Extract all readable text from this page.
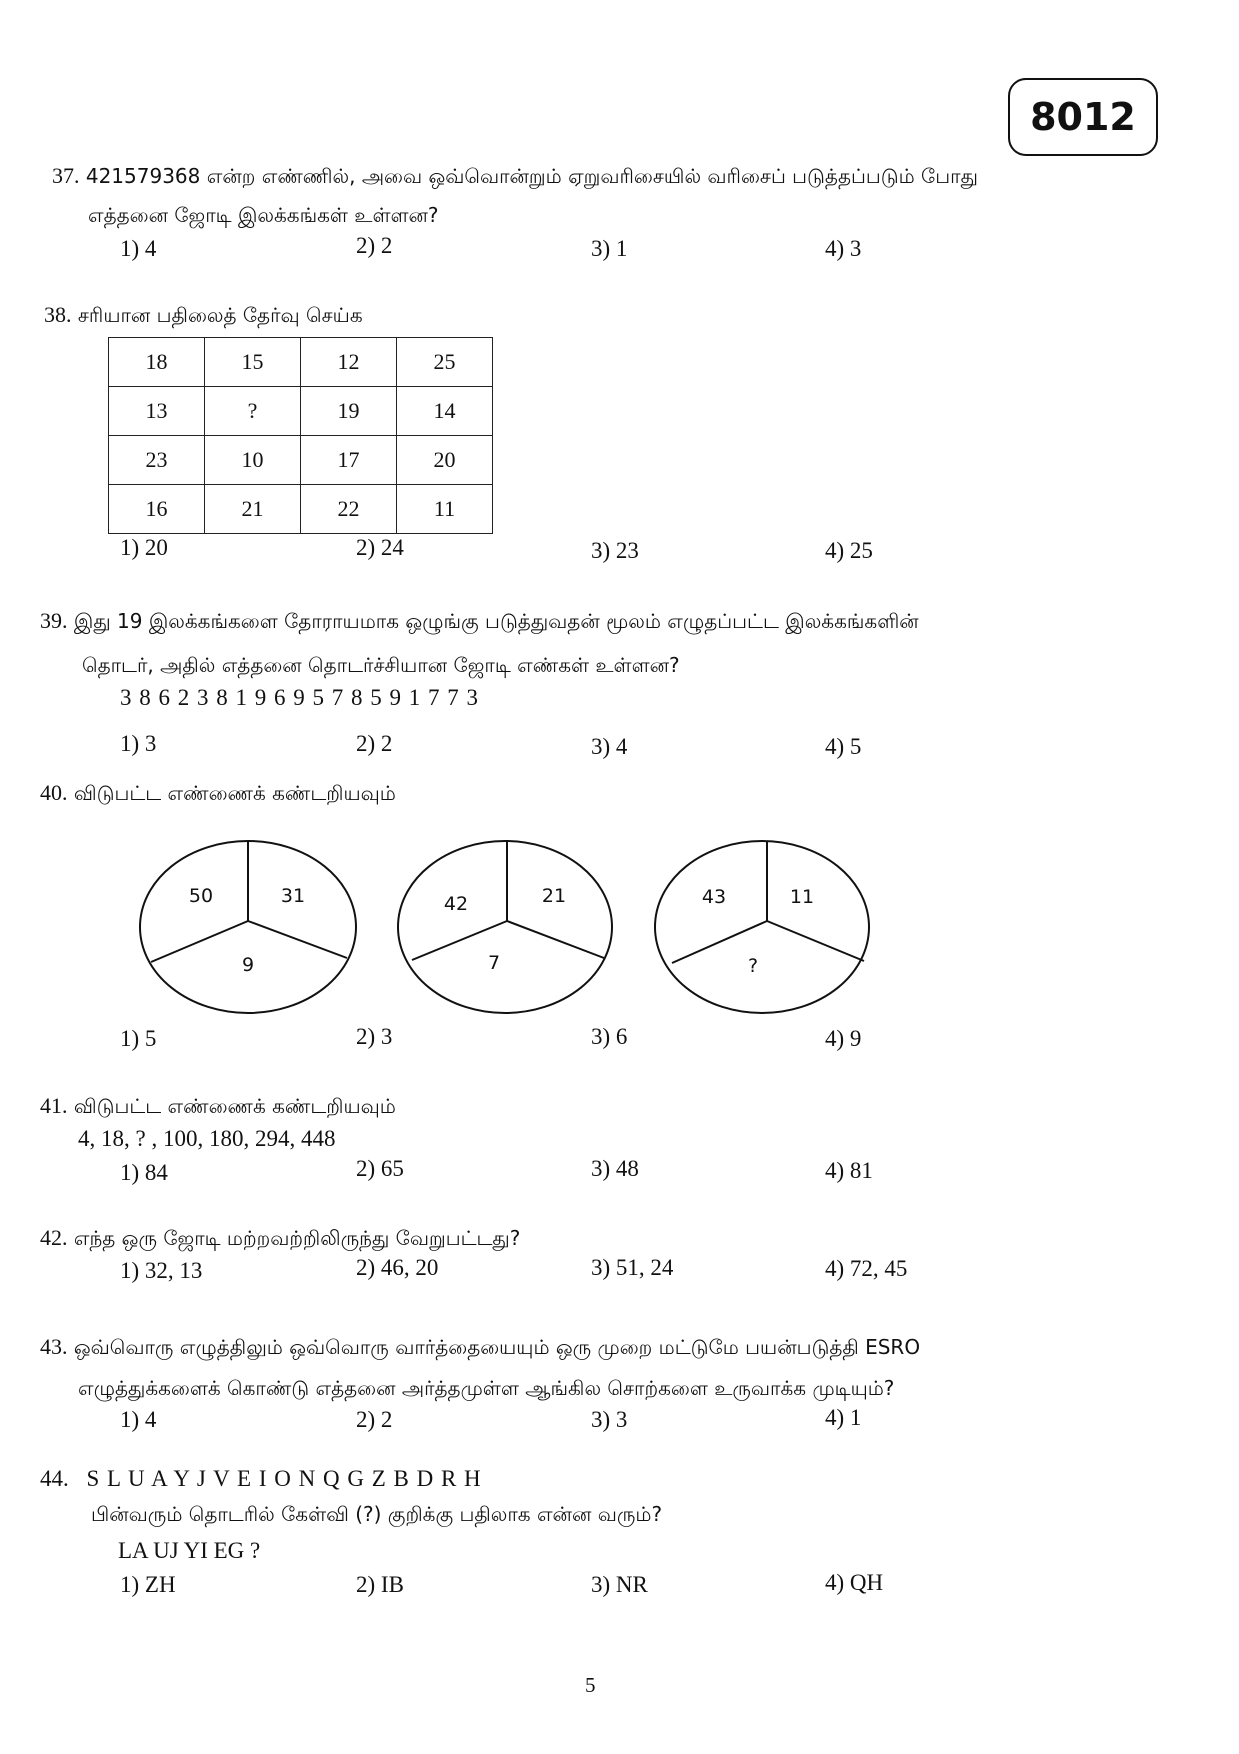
8012
37. 421579368 என்ற எண்ணில், அவை ஒவ்வொன்றும் ஏறுவரிசையில் வரிசைப் படுத்தப்படும் போது
எத்தனை ஜோடி இலக்கங்கள் உள்ளன?
1) 4	2) 2	3) 1	4) 3
38. சரியான பதிலைத் தேர்வு செய்க
18	15	12	25
13	?	19	14
23	10	17	20
16	21	22	11
1) 20	2) 24	3) 23	4) 25
39. இது 19 இலக்கங்களை தோராயமாக ஒழுங்கு படுத்துவதன் மூலம் எழுதப்பட்ட இலக்கங்களின்
தொடர், அதில் எத்தனை தொடர்ச்சியான ஜோடி எண்கள் உள்ளன?
3 8 6 2 3 8 1 9 6 9 5 7 8 5 9 1 7 7 3
1) 3	2) 2	3) 4	4) 5
40. விடுபட்ட எண்ணைக் கண்டறியவும்
50	31
9
42	21
7
43	11
?
1) 5	2) 3	3) 6	4) 9
41. விடுபட்ட எண்ணைக் கண்டறியவும்
4, 18, ? , 100, 180, 294, 448
1) 84	2) 65	3) 48	4) 81
42. எந்த ஒரு ஜோடி மற்றவற்றிலிருந்து வேறுபட்டது?
1) 32, 13	2) 46, 20	3) 51, 24	4) 72, 45
43. ஒவ்வொரு எழுத்திலும் ஒவ்வொரு வார்த்தையையும் ஒரு முறை மட்டுமே பயன்படுத்தி ESRO
எழுத்துக்களைக் கொண்டு எத்தனை அர்த்தமுள்ள ஆங்கில சொற்களை உருவாக்க முடியும்?
1) 4	2) 2	3) 3	4) 1
44. S L U A Y J V E I O N Q G Z B D R H
பின்வரும் தொடரில் கேள்வி (?) குறிக்கு பதிலாக என்ன வரும்?
LA UJ YI EG ?
1) ZH	2) IB	3) NR	4) QH
5
